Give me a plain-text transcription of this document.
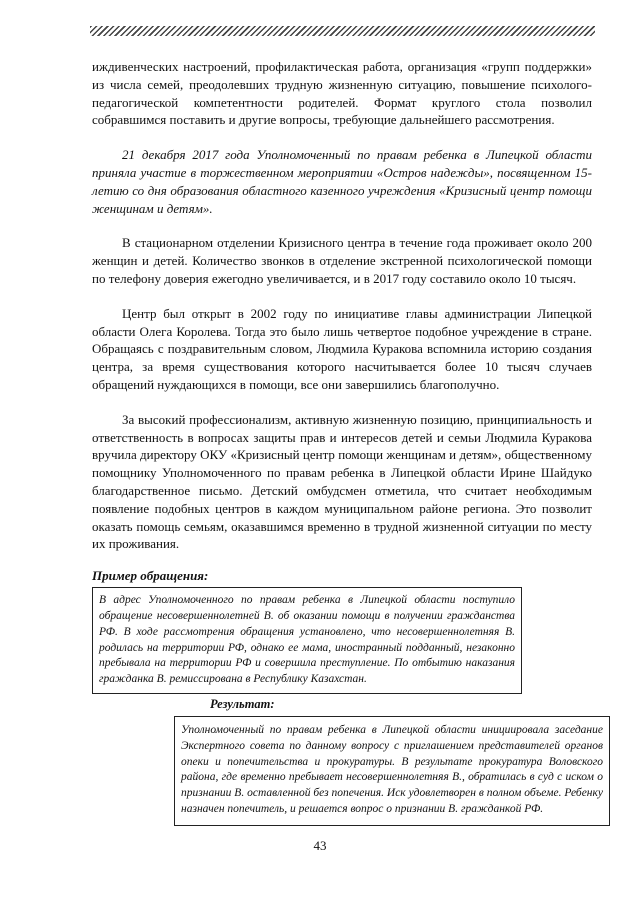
иждивенческих настроений, профилактическая работа, организация «групп поддержки» из числа семей, преодолевших трудную жизненную ситуацию, повышение психолого-педагогической компетентности родителей. Формат круглого стола позволил собравшимся поставить и другие вопросы, требующие дальнейшего рассмотрения.

21 декабря 2017 года Уполномоченный по правам ребенка в Липецкой области приняла участие в торжественном мероприятии «Остров надежды», посвященном 15-летию со дня образования областного казенного учреждения «Кризисный центр помощи женщинам и детям».

В стационарном отделении Кризисного центра в течение года проживает около 200 женщин и детей. Количество звонков в отделение экстренной психологической помощи по телефону доверия ежегодно увеличивается, и в 2017 году составило около 10 тысяч.

Центр был открыт в 2002 году по инициативе главы администрации Липецкой области Олега Королева. Тогда это было лишь четвертое подобное учреждение в стране. Обращаясь с поздравительным словом, Людмила Куракова вспомнила историю создания центра, за время существования которого насчитывается более 10 тысяч случаев обращений нуждающихся в помощи, все они завершились благополучно.

За высокий профессионализм, активную жизненную позицию, принципиальность и ответственность в вопросах защиты прав и интересов детей и семьи Людмила Куракова вручила директору ОКУ «Кризисный центр помощи женщинам и детям», общественному помощнику Уполномоченного по правам ребенка в Липецкой области Ирине Шайдуко благодарственное письмо. Детский омбудсмен отметила, что считает необходимым появление подобных центров в каждом муниципальном районе региона. Это позволит оказать помощь семьям, оказавшимся временно в трудной жизненной ситуации по месту их проживания.

Пример обращения:
В адрес Уполномоченного по правам ребенка в Липецкой области поступило обращение несовершеннолетней В. об оказании помощи в получении гражданства РФ. В ходе рассмотрения обращения установлено, что несовершеннолетняя В. родилась на территории РФ, однако ее мама, иностранный подданный, незаконно пребывала на территории РФ и совершила преступление. По отбытию наказания гражданка В. ремиссирована в Республику Казахстан.
Результат:
Уполномоченный по правам ребенка в Липецкой области инициировала заседание Экспертного совета по данному вопросу с приглашением представителей органов опеки и попечительства и прокуратуры. В результате прокуратура Воловского района, где временно пребывает несовершеннолетняя В., обратилась в суд с иском о признании В. оставленной без попечения. Иск удовлетворен в полном объеме. Ребенку назначен попечитель, и решается вопрос о признании В. гражданкой РФ.
43
